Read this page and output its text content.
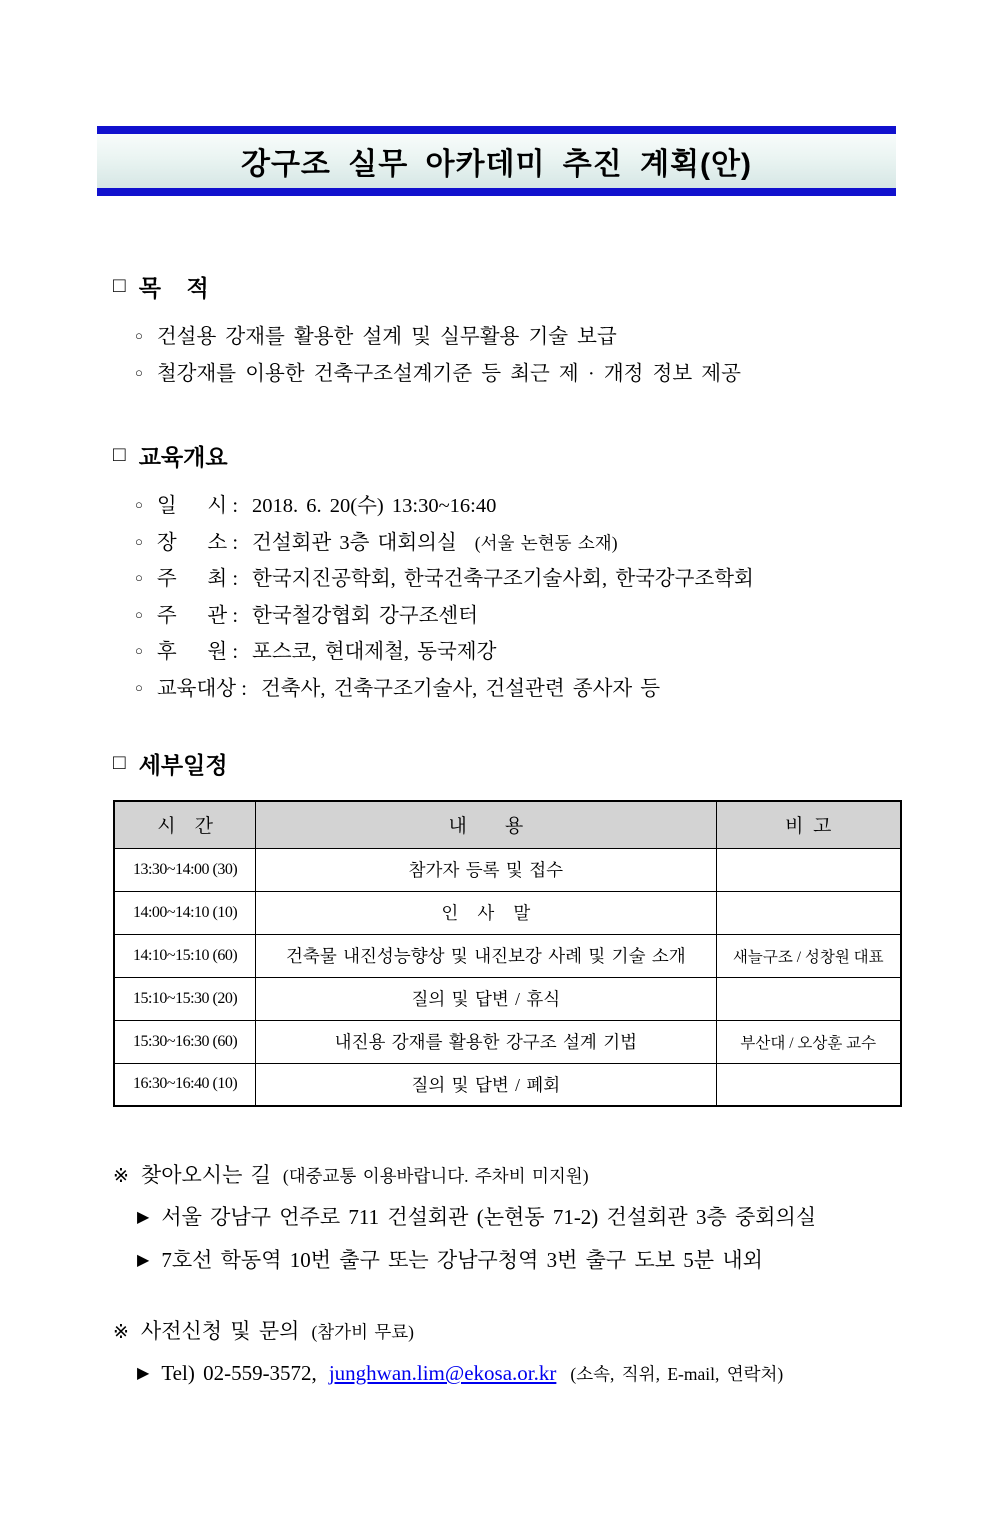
강구조 실무 아카데미 추진 계획(안)
□ 목    적
○ 건설용 강재를 활용한 설계 및 실무활용 기술 보급
○ 철강재를 이용한 건축구조설계기준 등 최근 제 · 개정 정보 제공
□ 교육개요
○ 일      시 : 2018. 6. 20(수) 13:30~16:40
○ 장      소 : 건설회관 3층 대회의실 (서울 논현동 소재)
○ 주      최 : 한국지진공학회, 한국건축구조기술사회, 한국강구조학회
○ 주      관 : 한국철강협회 강구조센터
○ 후      원 : 포스코, 현대제철, 동국제강
○ 교육대상 : 건축사, 건축구조기술사, 건설관련 종사자 등
□ 세부일정
시    간	내        용	비  고
13:30~14:00 (30)	참가자 등록 및 접수	
14:00~14:10 (10)	인   사   말	
14:10~15:10 (60)	건축물 내진성능향상 및 내진보강 사례 및 기술 소개	새늘구조 / 성창원 대표
15:10~15:30 (20)	질의 및 답변 / 휴식	
15:30~16:30 (60)	내진용 강재를 활용한 강구조 설계 기법	부산대 / 오상훈 교수
16:30~16:40 (10)	질의 및 답변 / 폐회	
※ 찾아오시는 길 (대중교통 이용바랍니다. 주차비 미지원)
▶ 서울 강남구 언주로 711 건설회관 (논현동 71-2) 건설회관 3층 중회의실
▶ 7호선 학동역 10번 출구 또는 강남구청역 3번 출구 도보 5분 내외
※ 사전신청 및 문의 (참가비 무료)
▶ Tel) 02-559-3572, junghwan.lim@ekosa.or.kr (소속, 직위, E-mail, 연락처)
